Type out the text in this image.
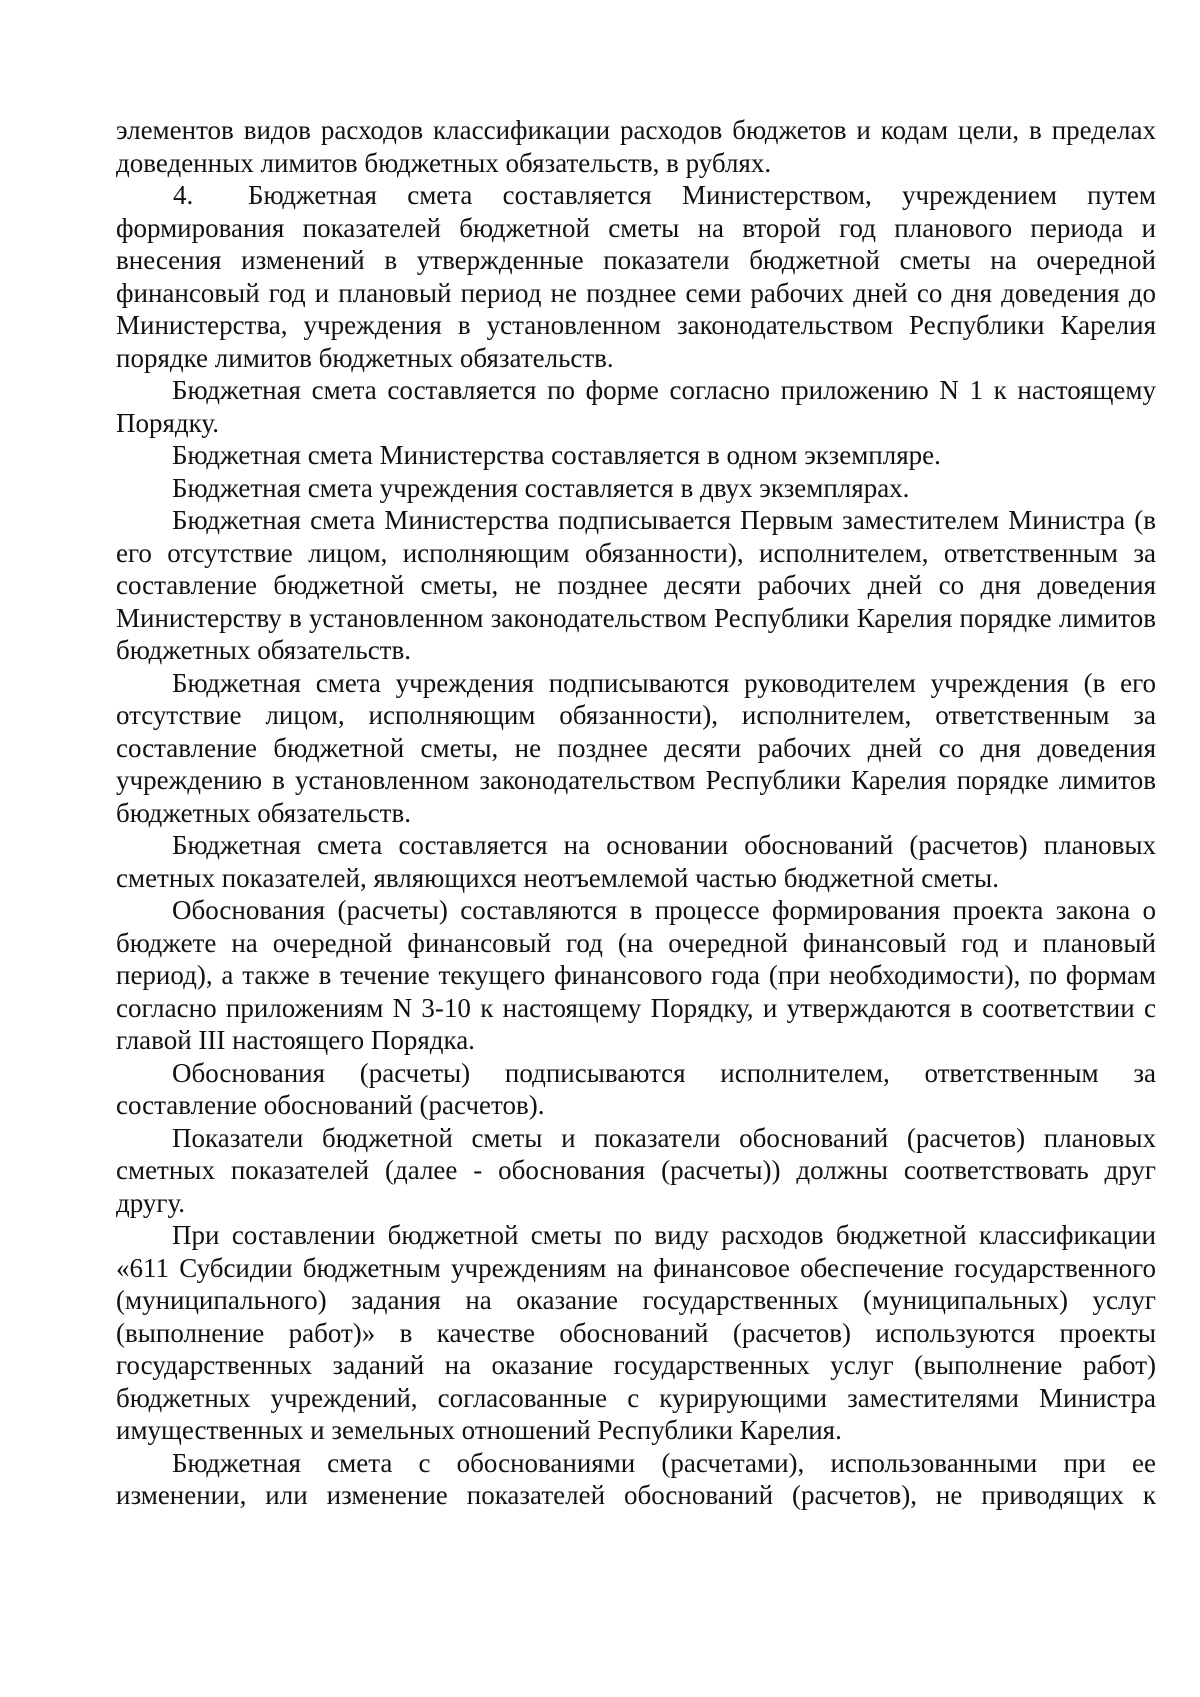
элементов видов расходов классификации расходов бюджетов и кодам цели, в пределах доведенных лимитов бюджетных обязательств, в рублях.

4. Бюджетная смета составляется Министерством, учреждением путем формирования показателей бюджетной сметы на второй год планового периода и внесения изменений в утвержденные показатели бюджетной сметы на очередной финансовый год и плановый период не позднее семи рабочих дней со дня доведения до Министерства, учреждения в установленном законодательством Республики Карелия порядке лимитов бюджетных обязательств.

Бюджетная смета составляется по форме согласно приложению N 1 к настоящему Порядку.

Бюджетная смета Министерства составляется в одном экземпляре.

Бюджетная смета учреждения составляется в двух экземплярах.

Бюджетная смета Министерства подписывается Первым заместителем Министра (в его отсутствие лицом, исполняющим обязанности), исполнителем, ответственным за составление бюджетной сметы, не позднее десяти рабочих дней со дня доведения Министерству в установленном законодательством Республики Карелия порядке лимитов бюджетных обязательств.

Бюджетная смета учреждения подписываются руководителем учреждения (в его отсутствие лицом, исполняющим обязанности), исполнителем, ответственным за составление бюджетной сметы, не позднее десяти рабочих дней со дня доведения учреждению в установленном законодательством Республики Карелия порядке лимитов бюджетных обязательств.

Бюджетная смета составляется на основании обоснований (расчетов) плановых сметных показателей, являющихся неотъемлемой частью бюджетной сметы.

Обоснования (расчеты) составляются в процессе формирования проекта закона о бюджете на очередной финансовый год (на очередной финансовый год и плановый период), а также в течение текущего финансового года (при необходимости), по формам согласно приложениям N 3-10 к настоящему Порядку, и утверждаются в соответствии с главой III настоящего Порядка.

Обоснования (расчеты) подписываются исполнителем, ответственным за составление обоснований (расчетов).

Показатели бюджетной сметы и показатели обоснований (расчетов) плановых сметных показателей (далее - обоснования (расчеты)) должны соответствовать друг другу.

При составлении бюджетной сметы по виду расходов бюджетной классификации «611 Субсидии бюджетным учреждениям на финансовое обеспечение государственного (муниципального) задания на оказание государственных (муниципальных) услуг (выполнение работ)» в качестве обоснований (расчетов) используются проекты государственных заданий на оказание государственных услуг (выполнение работ) бюджетных учреждений, согласованные с курирующими заместителями Министра имущественных и земельных отношений Республики Карелия.

Бюджетная смета с обоснованиями (расчетами), использованными при ее изменении, или изменение показателей обоснований (расчетов), не приводящих к
